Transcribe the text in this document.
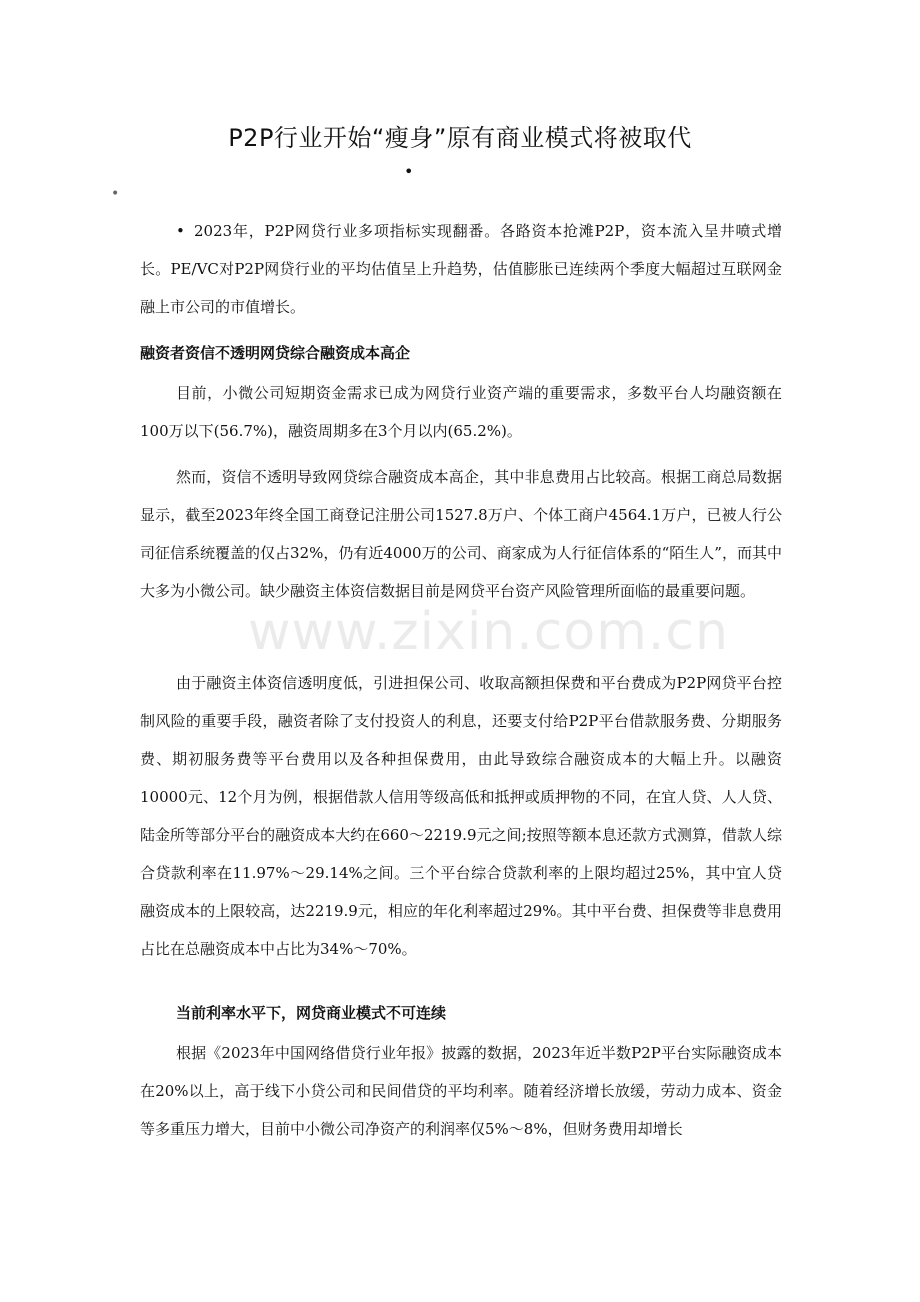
P2P行业开始“瘦身”原有商业模式将被取代
•
•

• 2023年，P2P网贷行业多项指标实现翻番。各路资本抢滩P2P，资本流入呈井喷式增长。PE/VC对P2P网贷行业的平均估值呈上升趋势，估值膨胀已连续两个季度大幅超过互联网金融上市公司的市值增长。

融资者资信不透明网贷综合融资成本高企

目前，小微公司短期资金需求已成为网贷行业资产端的重要需求，多数平台人均融资额在100万以下(56.7%)，融资周期多在3个月以内(65.2%)。

然而，资信不透明导致网贷综合融资成本高企，其中非息费用占比较高。根据工商总局数据显示，截至2023年终全国工商登记注册公司1527.8万户、个体工商户4564.1万户，已被人行公司征信系统覆盖的仅占32%，仍有近4000万的公司、商家成为人行征信体系的“陌生人”，而其中大多为小微公司。缺少融资主体资信数据目前是网贷平台资产风险管理所面临的最重要问题。

由于融资主体资信透明度低，引进担保公司、收取高额担保费和平台费成为P2P网贷平台控制风险的重要手段，融资者除了支付投资人的利息，还要支付给P2P平台借款服务费、分期服务费、期初服务费等平台费用以及各种担保费用，由此导致综合融资成本的大幅上升。以融资10000元、12个月为例，根据借款人信用等级高低和抵押或质押物的不同，在宜人贷、人人贷、陆金所等部分平台的融资成本大约在660～2219.9元之间;按照等额本息还款方式测算，借款人综合贷款利率在11.97%～29.14%之间。三个平台综合贷款利率的上限均超过25%，其中宜人贷融资成本的上限较高，达2219.9元，相应的年化利率超过29%。其中平台费、担保费等非息费用占比在总融资成本中占比为34%～70%。

当前利率水平下，网贷商业模式不可连续

根据《2023年中国网络借贷行业年报》披露的数据，2023年近半数P2P平台实际融资成本在20%以上，高于线下小贷公司和民间借贷的平均利率。随着经济增长放缓，劳动力成本、资金等多重压力增大，目前中小微公司净资产的利润率仅5%～8%，但财务费用却增长

www.zixin.com.cn
